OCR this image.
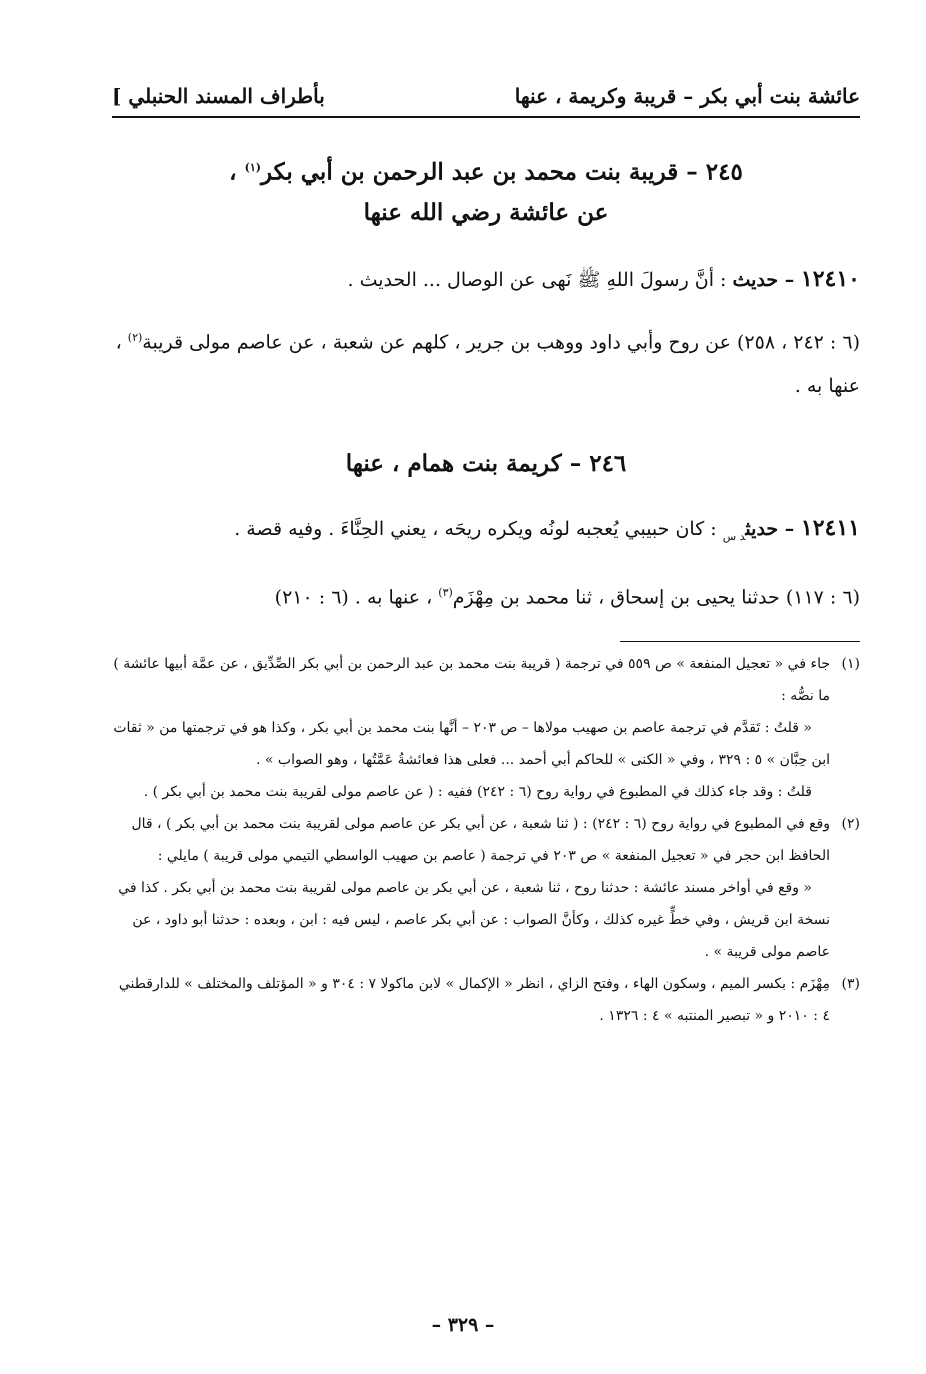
عائشة بنت أبي بكر – قريبة وكريمة ، عنها
بأطراف المسند الحنبلي ]
٢٤٥ – قريبة بنت محمد بن عبد الرحمن بن أبي بكر$^{(١)}$ ،
عن عائشة رضي الله عنها

١٢٤١٠ – حديث : أنَّ رسولَ اللهِ ﷺ نَهى عن الوصال ... الحديث .

(٦ : ٢٤٢ ، ٢٥٨) عن روح وأبي داود ووهب بن جرير ، كلهم عن شعبة ، عن عاصم مولى قريبة$^{(٢)}$ ، عنها به .

٢٤٦ – كريمة بنت همام ، عنها

١٢٤١١ – حديث$_{د س}$ : كان حبيبي يُعجبه لونُه ويكره ريحَه ، يعني الحِنَّاءَ . وفيه قصة .

(٦ : ١١٧) حدثنا يحيى بن إسحاق ، ثنا محمد بن مِهْزَم$^{(٣)}$ ، عنها به . (٦ : ٢١٠)

(١)

جاء في « تعجيل المنفعة » ص ٥٥٩ في ترجمة ( قريبة بنت محمد بن عبد الرحمن بن أبي بكر الصِّدِّيق ، عن عمَّة أبيها عائشة ) ما نصُّه :

« قلتُ : تَقدَّم في ترجمة عاصم بن صهيب مولاها – ص ٢٠٣ – أنَّها بنت محمد بن أبي بكر ، وكذا هو في ترجمتها من « ثقات ابن حِبَّان » ٥ : ٣٢٩ ، وفي « الكنى » للحاكم أبي أحمد ... فعلى هذا فعائشةُ عَمَّتُها ، وهو الصواب » .

قلتُ : وقد جاء كذلك في المطبوع في رواية روح (٦ : ٢٤٢) ففيه : ( عن عاصم مولى لقريبة بنت محمد بن أبي بكر ) .

(٢)

وقع في المطبوع في رواية روح (٦ : ٢٤٢) : ( ثنا شعبة ، عن أبي بكر عن عاصم مولى لقريبة بنت محمد بن أبي بكر ) ، قال الحافظ ابن حجر في « تعجيل المنفعة » ص ٢٠٣ في ترجمة ( عاصم بن صهيب الواسطي التيمي مولى قريبة ) مايلي :

« وقع في أواخر مسند عائشة : حدثنا روح ، ثنا شعبة ، عن أبي بكر بن عاصم مولى لقريبة بنت محمد بن أبي بكر . كذا في نسخة ابن قريش ، وفي خطٍّ غيره كذلك ، وكأنَّ الصواب : عن أبي بكر عاصم ، ليس فيه : ابن ، وبعده : حدثنا أبو داود ، عن عاصم مولى قريبة » .

(٣)

مِهْزَم : بكسر الميم ، وسكون الهاء ، وفتح الزاي ، انظر « الإكمال » لابن ماكولا ٧ : ٣٠٤ و « المؤتلف والمختلف » للدارقطني ٤ : ٢٠١٠ و « تبصير المنتبه » ٤ : ١٣٢٦ .

– ٣٢٩ –
